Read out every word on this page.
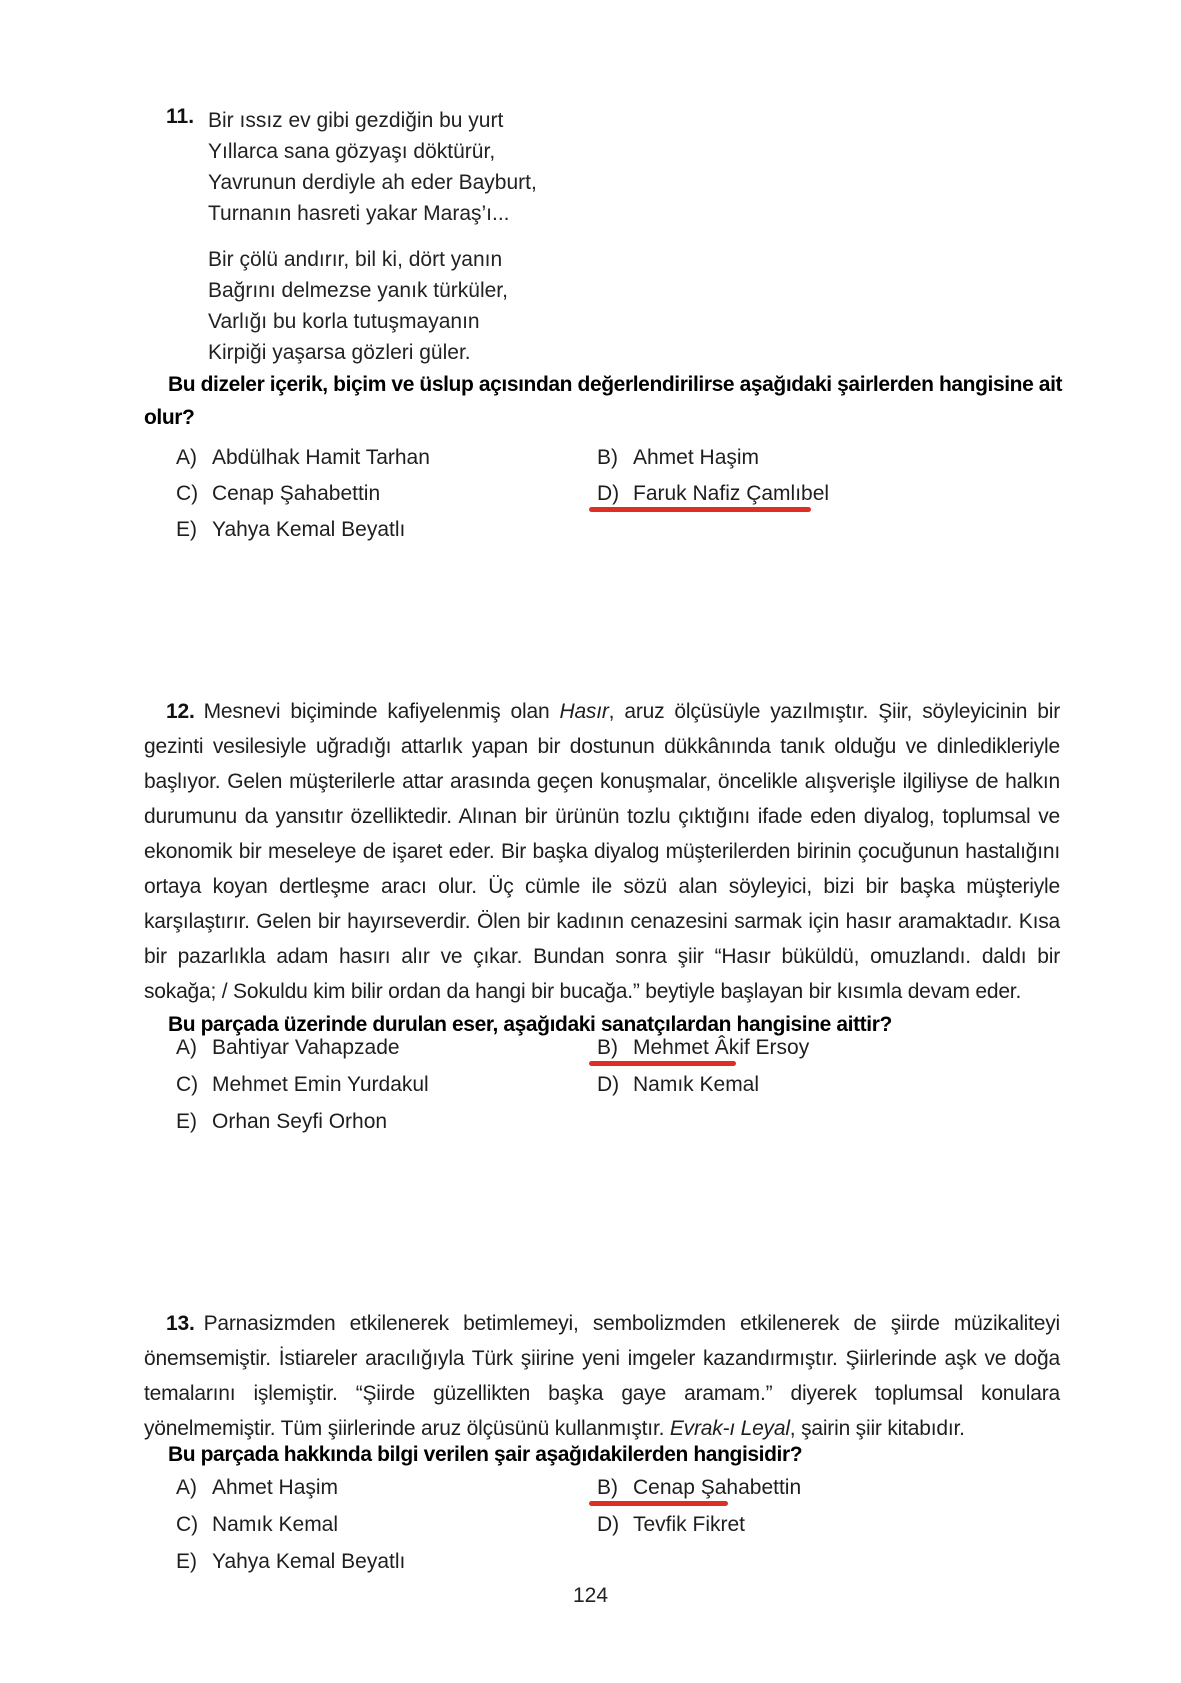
11. Bir ıssız ev gibi gezdiğin bu yurt
Yıllarca sana gözyaşı döktürür,
Yavrunun derdiyle ah eder Bayburt,
Turnanın hasreti yakar Maraş’ı...
Bir çölü andırır, bil ki, dört yanın
Bağrını delmezse yanık türküler,
Varlığı bu korla tutuşmayanın
Kirpiği yaşarsa gözleri güler.
Bu dizeler içerik, biçim ve üslup açısından değerlendirilirse aşağıdaki şairlerden hangisine ait olur?
A) Abdülhak Hamit Tarhan	B) Ahmet Haşim
C) Cenap Şahabettin	D) Faruk Nafiz Çamlıbel
E) Yahya Kemal Beyatlı
12. Mesnevi biçiminde kafiyelenmiş olan Hasır, aruz ölçüsüyle yazılmıştır. Şiir, söyleyicinin bir gezinti vesilesiyle uğradığı attarlık yapan bir dostunun dükkânında tanık olduğu ve dinledikleriyle başlıyor. Gelen müşterilerle attar arasında geçen konuşmalar, öncelikle alışverişle ilgiliyse de halkın durumunu da yansıtır özelliktedir. Alınan bir ürünün tozlu çıktığını ifade eden diyalog, toplumsal ve ekonomik bir meseleye de işaret eder. Bir başka diyalog müşterilerden birinin çocuğunun hastalığını ortaya koyan dertleşme aracı olur. Üç cümle ile sözü alan söyleyici, bizi bir başka müşteriyle karşılaştırır. Gelen bir hayırseverdir. Ölen bir kadının cenazesini sarmak için hasır aramaktadır. Kısa bir pazarlıkla adam hasırı alır ve çıkar. Bundan sonra şiir “Hasır büküldü, omuzlandı. daldı bir sokağa; / Sokuldu kim bilir ordan da hangi bir bucağa.” beytiyle başlayan bir kısımla devam eder.
Bu parçada üzerinde durulan eser, aşağıdaki sanatçılardan hangisine aittir?
A) Bahtiyar Vahapzade	B) Mehmet Âkif Ersoy
C) Mehmet Emin Yurdakul	D) Namık Kemal
E) Orhan Seyfi Orhon
13. Parnasizmden etkilenerek betimlemeyi, sembolizmden etkilenerek de şiirde müzikaliteyi önemsemiştir. İstiareler aracılığıyla Türk şiirine yeni imgeler kazandırmıştır. Şiirlerinde aşk ve doğa temalarını işlemiştir. “Şiirde güzellikten başka gaye aramam.” diyerek toplumsal konulara yönelmemiştir. Tüm şiirlerinde aruz ölçüsünü kullanmıştır. Evrak-ı Leyal, şairin şiir kitabıdır.
Bu parçada hakkında bilgi verilen şair aşağıdakilerden hangisidir?
A) Ahmet Haşim	B) Cenap Şahabettin
C) Namık Kemal	D) Tevfik Fikret
E) Yahya Kemal Beyatlı
124
